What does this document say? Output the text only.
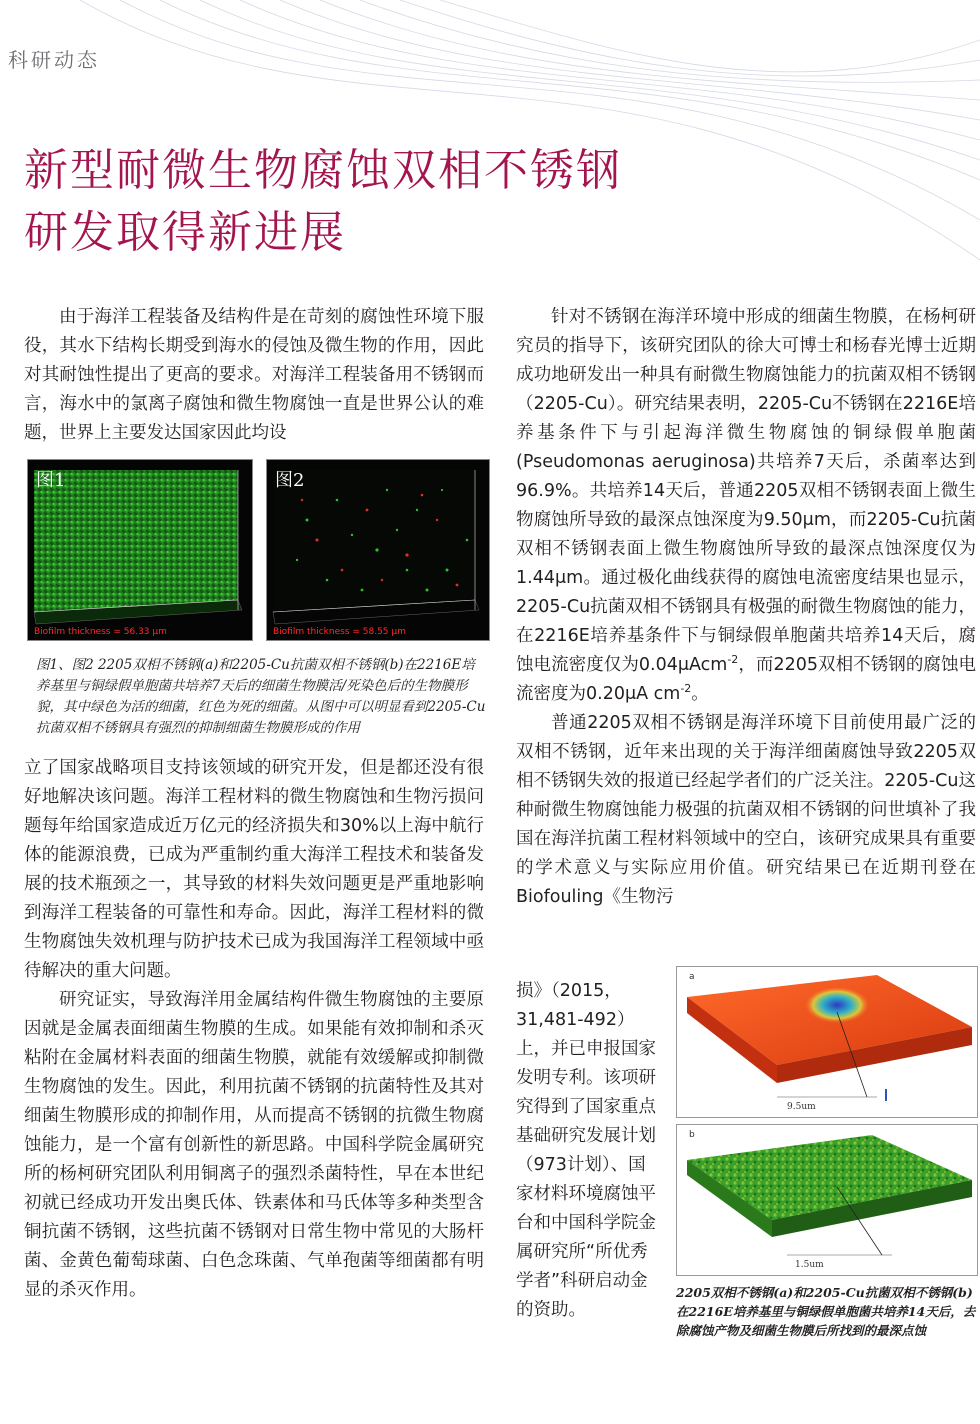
科研动态
新型耐微生物腐蚀双相不锈钢
研发取得新进展

由于海洋工程装备及结构件是在苛刻的腐蚀性环境下服役，其水下结构长期受到海水的侵蚀及微生物的作用，因此对其耐蚀性提出了更高的要求。对海洋工程装备用不锈钢而言，海水中的氯离子腐蚀和微生物腐蚀一直是世界公认的难题，世界上主要发达国家因此均设

图1
Biofilm thickness = 56.33 µm
图2
Biofilm thickness = 58.55 µm
图1、图2 2205双相不锈钢(a)和2205-Cu抗菌双相不锈钢(b)在2216E培养基里与铜绿假单胞菌共培养7天后的细菌生物膜活/死染色后的生物膜形貌，其中绿色为活的细菌，红色为死的细菌。从图中可以明显看到2205-Cu抗菌双相不锈钢具有强烈的抑制细菌生物膜形成的作用

立了国家战略项目支持该领域的研究开发，但是都还没有很好地解决该问题。海洋工程材料的微生物腐蚀和生物污损问题每年给国家造成近万亿元的经济损失和30%以上海中航行体的能源浪费，已成为严重制约重大海洋工程技术和装备发展的技术瓶颈之一，其导致的材料失效问题更是严重地影响到海洋工程装备的可靠性和寿命。因此，海洋工程材料的微生物腐蚀失效机理与防护技术已成为我国海洋工程领域中亟待解决的重大问题。

研究证实，导致海洋用金属结构件微生物腐蚀的主要原因就是金属表面细菌生物膜的生成。如果能有效抑制和杀灭粘附在金属材料表面的细菌生物膜，就能有效缓解或抑制微生物腐蚀的发生。因此，利用抗菌不锈钢的抗菌特性及其对细菌生物膜形成的抑制作用，从而提高不锈钢的抗微生物腐蚀能力，是一个富有创新性的新思路。中国科学院金属研究所的杨柯研究团队利用铜离子的强烈杀菌特性，早在本世纪初就已经成功开发出奥氏体、铁素体和马氏体等多种类型含铜抗菌不锈钢，这些抗菌不锈钢对日常生物中常见的大肠杆菌、金黄色葡萄球菌、白色念珠菌、气单孢菌等细菌都有明显的杀灭作用。

针对不锈钢在海洋环境中形成的细菌生物膜，在杨柯研究员的指导下，该研究团队的徐大可博士和杨春光博士近期成功地研发出一种具有耐微生物腐蚀能力的抗菌双相不锈钢（2205-Cu）。研究结果表明，2205-Cu不锈钢在2216E培养基条件下与引起海洋微生物腐蚀的铜绿假单胞菌(Pseudomonas aeruginosa)共培养7天后，杀菌率达到96.9%。共培养14天后，普通2205双相不锈钢表面上微生物腐蚀所导致的最深点蚀深度为9.50μm，而2205-Cu抗菌双相不锈钢表面上微生物腐蚀所导致的最深点蚀深度仅为1.44μm。通过极化曲线获得的腐蚀电流密度结果也显示，2205-Cu抗菌双相不锈钢具有极强的耐微生物腐蚀的能力，在2216E培养基条件下与铜绿假单胞菌共培养14天后，腐蚀电流密度仅为0.04μAcm$^{-2}$，而2205双相不锈钢的腐蚀电流密度为0.20μA $cm^{-2}$。

普通2205双相不锈钢是海洋环境下目前使用最广泛的双相不锈钢，近年来出现的关于海洋细菌腐蚀导致2205双相不锈钢失效的报道已经起学者们的广泛关注。2205-Cu这种耐微生物腐蚀能力极强的抗菌双相不锈钢的问世填补了我国在海洋抗菌工程材料领域中的空白，该研究成果具有重要的学术意义与实际应用价值。研究结果已在近期刊登在Biofouling《生物污

损》（2015，31,481-492）上，并已申报国家发明专利。该项研究得到了国家重点基础研究发展计划（973计划）、国家材料环境腐蚀平台和中国科学院金属研究所“所优秀学者”科研启动金的资助。

a
9.5um
b
1.5um
2205双相不锈钢(a)和2205-Cu抗菌双相不锈钢(b)在2216E培养基里与铜绿假单胞菌共培养14天后，去除腐蚀产物及细菌生物膜后所找到的最深点蚀
